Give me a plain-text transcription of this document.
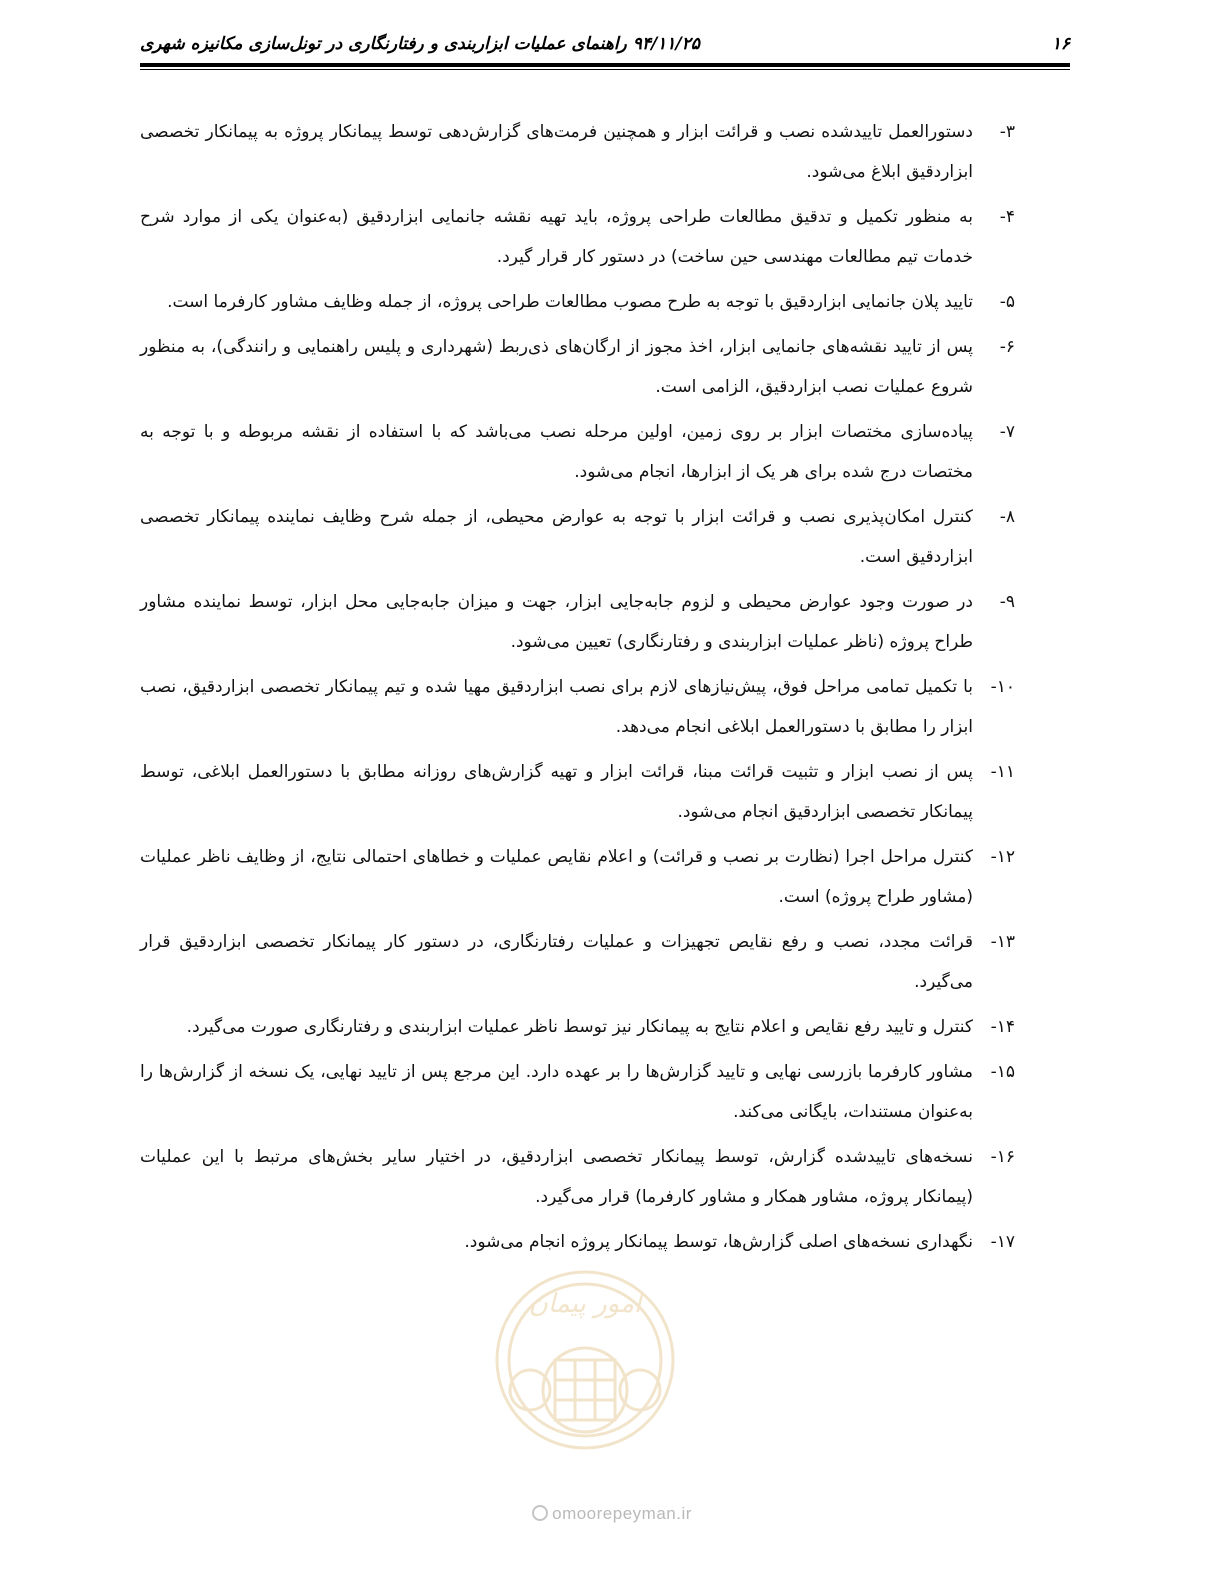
۱۶
۹۴/۱۱/۲۵ راهنمای عملیات ابزاربندی و رفتارنگاری در تونل‌سازی مکانیزه شهری
۳-
دستورالعمل تاییدشده نصب و قرائت ابزار و همچنین فرمت‌های گزارش‌دهی توسط پیمانکار پروژه به پیمانکار تخصصی ابزاردقیق ابلاغ می‌شود.
۴-
به منظور تکمیل و تدقیق مطالعات طراحی پروژه، باید تهیه نقشه جانمایی ابزاردقیق (به‌عنوان یکی از موارد شرح خدمات تیم مطالعات مهندسی حین ساخت) در دستور کار قرار گیرد.
۵-
تایید پلان جانمایی ابزاردقیق با توجه به طرح مصوب مطالعات طراحی پروژه، از جمله وظایف مشاور کارفرما است.
۶-
پس از تایید نقشه‌های جانمایی ابزار، اخذ مجوز از ارگان‌های ذی‌ربط (شهرداری و پلیس راهنمایی و رانندگی)، به منظور شروع عملیات نصب ابزاردقیق، الزامی است.
۷-
پیاده‌سازی مختصات ابزار بر روی زمین، اولین مرحله نصب می‌باشد که با استفاده از نقشه مربوطه و با توجه به مختصات درج شده برای هر یک از ابزارها، انجام می‌شود.
۸-
کنترل امکان‌پذیری نصب و قرائت ابزار با توجه به عوارض محیطی، از جمله شرح وظایف نماینده پیمانکار تخصصی ابزاردقیق است.
۹-
در صورت وجود عوارض محیطی و لزوم جابه‌جایی ابزار، جهت و میزان جابه‌جایی محل ابزار، توسط نماینده مشاور طراح پروژه (ناظر عملیات ابزاربندی و رفتارنگاری) تعیین می‌شود.
۱۰-
با تکمیل تمامی مراحل فوق، پیش‌نیازهای لازم برای نصب ابزاردقیق مهیا شده و تیم پیمانکار تخصصی ابزاردقیق، نصب ابزار را مطابق با دستورالعمل ابلاغی انجام می‌دهد.
۱۱-
پس از نصب ابزار و تثبیت قرائت مبنا، قرائت ابزار و تهیه گزارش‌های روزانه مطابق با دستورالعمل ابلاغی، توسط پیمانکار تخصصی ابزاردقیق انجام می‌شود.
۱۲-
کنترل مراحل اجرا (نظارت بر نصب و قرائت) و اعلام نقایص عملیات و خطاهای احتمالی نتایج، از وظایف ناظر عملیات (مشاور طراح پروژه) است.
۱۳-
قرائت مجدد، نصب و رفع نقایص تجهیزات و عملیات رفتارنگاری، در دستور کار پیمانکار تخصصی ابزاردقیق قرار می‌گیرد.
۱۴-
کنترل و تایید رفع نقایص و اعلام نتایج به پیمانکار نیز توسط ناظر عملیات ابزاربندی و رفتارنگاری صورت می‌گیرد.
۱۵-
مشاور کارفرما بازرسی نهایی و تایید گزارش‌ها را بر عهده دارد. این مرجع پس از تایید نهایی، یک نسخه از گزارش‌ها را به‌عنوان مستندات، بایگانی می‌کند.
۱۶-
نسخه‌های تاییدشده گزارش، توسط پیمانکار تخصصی ابزاردقیق، در اختیار سایر بخش‌های مرتبط با این عملیات (پیمانکار پروژه، مشاور همکار و مشاور کارفرما) قرار می‌گیرد.
۱۷-
نگهداری نسخه‌های اصلی گزارش‌ها، توسط پیمانکار پروژه انجام می‌شود.
امور پیمان
omoorepeyman.ir
